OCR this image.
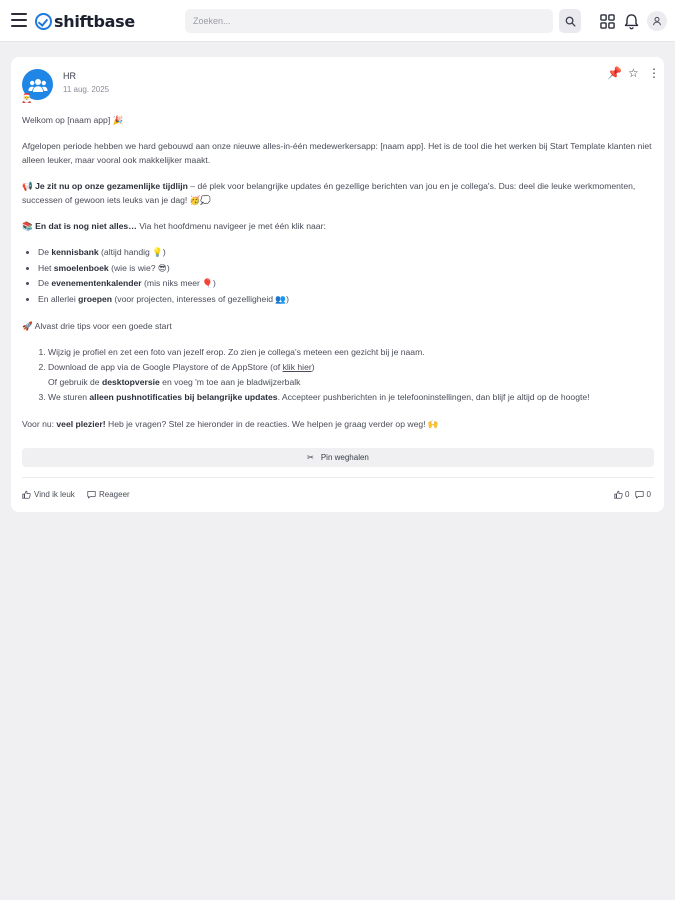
shiftbase
Zoeken...
🎅
HR
11 aug. 2025
📌 ☆ ⋮

Welkom op [naam app] 🎉

Afgelopen periode hebben we hard gebouwd aan onze nieuwe alles-in-één medewerkersapp: [naam app]. Het is de tool die het werken bij Start Template klanten niet alleen leuker, maar vooral ook makkelijker maakt.

📢 Je zit nu op onze gezamenlijke tijdlijn – dé plek voor belangrijke updates én gezellige berichten van jou en je collega's. Dus: deel die leuke werkmomenten, successen of gewoon iets leuks van je dag! 🥳💭

📚 En dat is nog niet alles… Via het hoofdmenu navigeer je met één klik naar:

• De kennisbank (altijd handig 💡)
• Het smoelenboek (wie is wie? 😎)
• De evenementenkalender (mis niks meer 🎈)
• En allerlei groepen (voor projecten, interesses of gezelligheid 👥)

🚀 Alvast drie tips voor een goede start

1. Wijzig je profiel en zet een foto van jezelf erop. Zo zien je collega's meteen een gezicht bij je naam.
2. Download de app via de Google Playstore of de AppStore (of klik hier)
Of gebruik de desktopversie en voeg 'm toe aan je bladwijzerbalk
3. We sturen alleen pushnotificaties bij belangrijke updates. Accepteer pushberichten in je telefooninstellingen, dan blijf je altijd op de hoogte!

Voor nu: veel plezier! Heb je vragen? Stel ze hieronder in de reacties. We helpen je graag verder op weg! 🙌

✂ Pin weghalen
Vind ik leuk	Reageer	0 0
